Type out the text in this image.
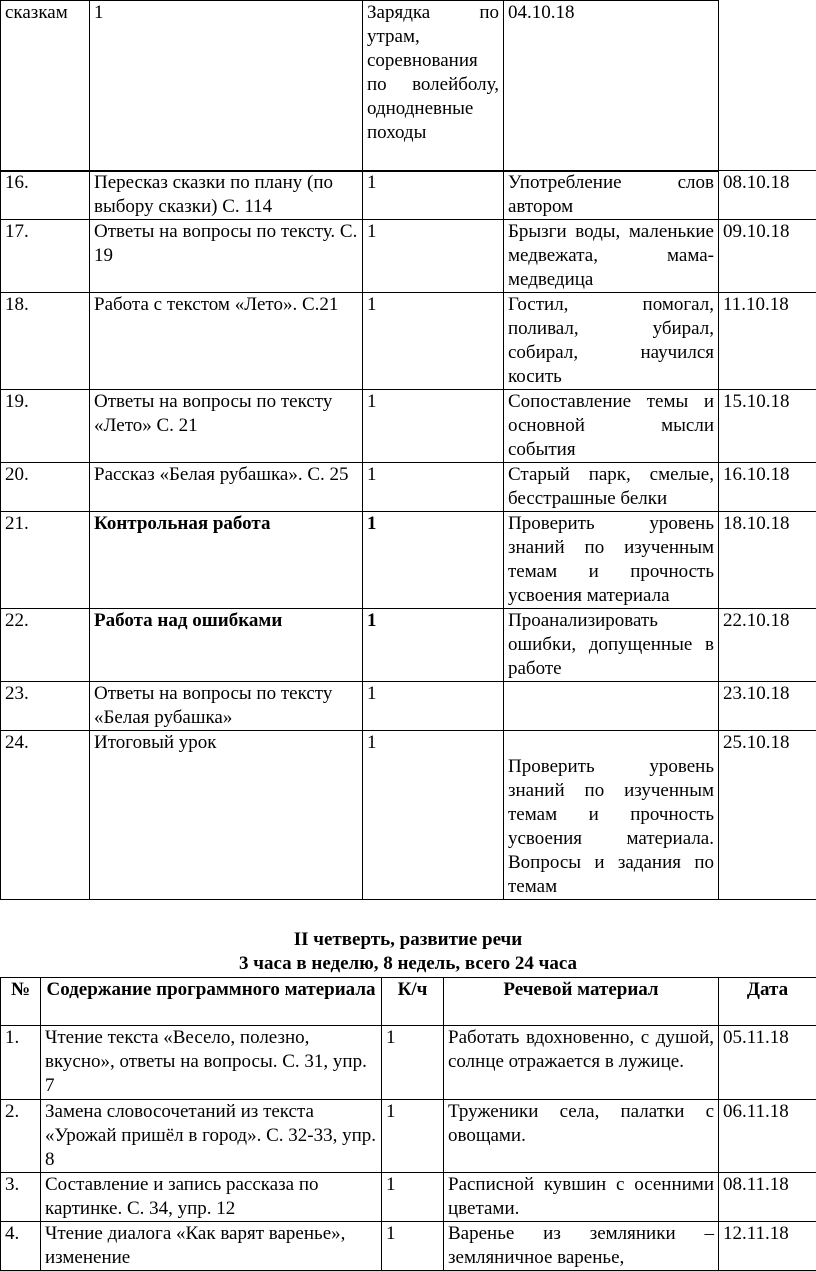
сказкам	1	Зарядка по утрам, соревнования по волейболу, однодневные походы	04.10.18	
16.	Пересказ сказки по плану (по выбору сказки) С. 114	1	Употребление слов автором	08.10.18
17.	Ответы на вопросы по тексту. С. 19	1	Брызги воды, маленькие медвежата, мама-медведица	09.10.18
18.	Работа с текстом «Лето». С.21	1	Гостил, помогал, поливал, убирал, собирал, научился косить	11.10.18
19.	Ответы на вопросы по тексту «Лето» С. 21	1	Сопоставление темы и основной мысли события	15.10.18
20.	Рассказ «Белая рубашка». С. 25	1	Старый парк, смелые, бесстрашные белки	16.10.18
21.	Контрольная работа	1	Проверить уровень знаний по изученным темам и прочность усвоения материала	18.10.18
22.	Работа над ошибками	1	Проанализировать ошибки, допущенные в работе	22.10.18
23.	Ответы на вопросы по тексту «Белая рубашка»	1		23.10.18
24.	Итоговый урок	1	Проверить уровень знаний по изученным темам и прочность усвоения материала. Вопросы и задания по темам	25.10.18
II четверть, развитие речи
3 часа в неделю, 8 недель, всего 24 часа
№	Содержание программного материала	К/ч	Речевой материал	Дата
1.	Чтение текста «Весело, полезно, вкусно», ответы на вопросы. С. 31, упр. 7	1	Работать вдохновенно, с душой, солнце отражается в лужице.	05.11.18
2.	Замена словосочетаний из текста «Урожай пришёл в город». С. 32-33, упр. 8	1	Труженики села, палатки с овощами.	06.11.18
3.	Составление и запись рассказа по картинке. С. 34, упр. 12	1	Расписной кувшин с осенними цветами.	08.11.18
4.	Чтение диалога «Как варят варенье», изменение	1	Варенье из земляники – земляничное варенье,	12.11.18
